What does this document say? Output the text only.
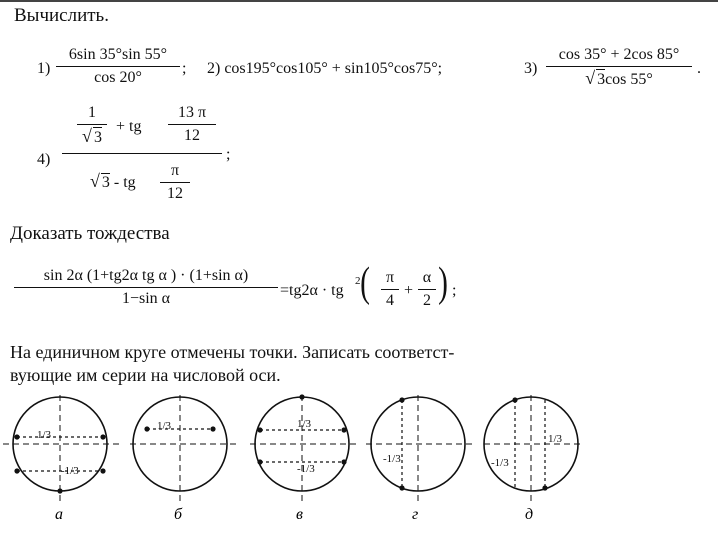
Вычислить.
1)
6sin 35°sin 55°
cos 20°
; 2) cos195°cos105° + sin105°cos75°;	3)
cos 35° + 2cos 85°
√ 3cos 55°
.
4)
1
√ 3
+ tg
13 π
12
√ 3 - tg
π
12
;
Доказать тождества
sin 2α (1+tg2α tg α ) · (1+sin α)
1−sin α	=tg2α · tg
2 ( π
4
+
α
2 ) ;
На единичном круге отмечены точки. Записать соответст-
вующие им серии на числовой оси.
1/3
-1/3
1/3	1/3
-1/3
-1/3
1/3
-1/3
а	б	в	г	д
